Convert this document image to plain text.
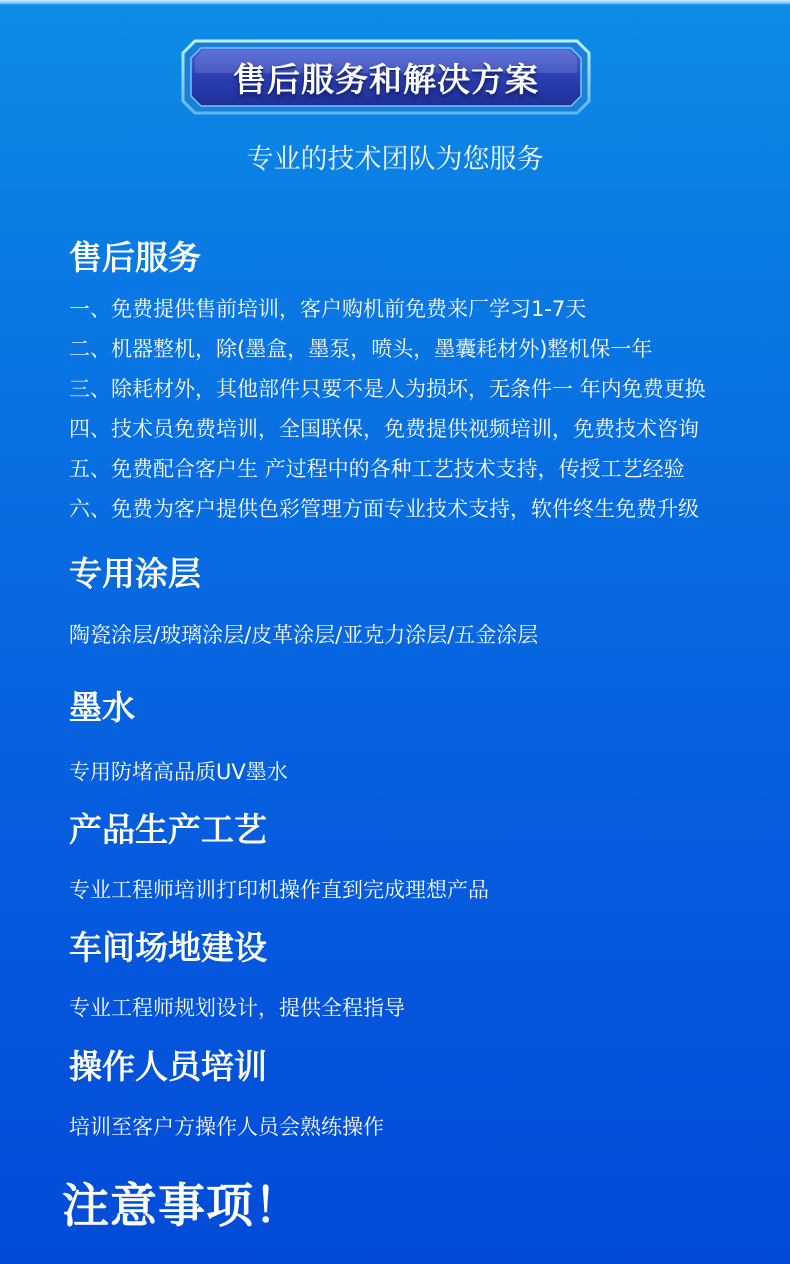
售后服务和解决方案
专业的技术团队为您服务
售后服务
一、免费提供售前培训，客户购机前免费来厂学习1-7天
二、机器整机，除(墨盒，墨泵，喷头，墨囊耗材外)整机保一年
三、除耗材外，其他部件只要不是人为损坏，无条件一 年内免费更换
四、技术员免费培训，全国联保，免费提供视频培训，免费技术咨询
五、免费配合客户生 产过程中的各种工艺技术支持，传授工艺经验
六、免费为客户提供色彩管理方面专业技术支持，软件终生免费升级
专用涂层
陶瓷涂层/玻璃涂层/皮革涂层/亚克力涂层/五金涂层
墨水
专用防堵高品质UV墨水
产品生产工艺
专业工程师培训打印机操作直到完成理想产品
车间场地建设
专业工程师规划设计，提供全程指导
操作人员培训
培训至客户方操作人员会熟练操作
注意事项！
